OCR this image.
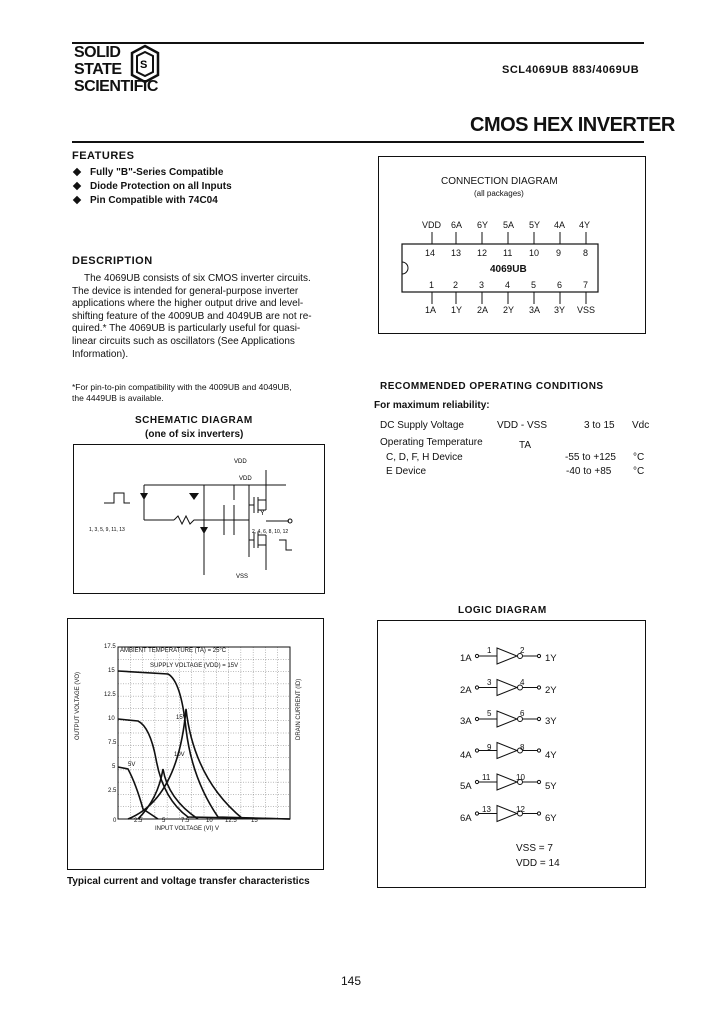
SOLID
STATE
SCIENTIFIC
S	SCL4069UB 883/4069UB
CMOS HEX INVERTER
FEATURES
Fully "B"-Series Compatible
Diode Protection on all Inputs
Pin Compatible with 74C04
DESCRIPTION

The 4069UB consists of six CMOS inverter circuits.

The device is intended for general-purpose inverter

applications where the higher output drive and level-

shifting feature of the 4009UB and 4049UB are not re-

quired.* The 4069UB is particularly useful for quasi-

linear circuits such as oscillators (See Applications

Information).

*For pin-to-pin compatibility with the 4009UB and 4049UB,
the 4449UB is available.
SCHEMATIC DIAGRAM
(one of six inverters)
VDD
VDD
VSS
Y
1, 3, 5, 9, 11, 13	2, 4, 6, 8, 10, 12
CONNECTION DIAGRAM
(all packages)
VDD 6A 6Y 5A 5Y 4A 4Y
14 13 12 11 10 9 8
4069UB
1 2 3 4 5 6 7
1A 1Y 2A 2Y 3A 3Y VSS
RECOMMENDED OPERATING CONDITIONS
For maximum reliability:
DC Supply Voltage	VDD - VSS	3 to 15 Vdc
Operating Temperature	TA
C, D, F, H Device	-55 to +125 °C
E Device	-40 to +85 °C
LOGIC DIAGRAM
1A
1	2
1Y
2A
3	4
2Y
3A
5	6
3Y
4A
9	8
4Y
5A
11	10
5Y
6A
13	12
6Y
VSS = 7
VDD = 14
AMBIENT TEMPERATURE (TA) = 25°C
SUPPLY VOLTAGE (VDD) = 15V
15V
10V
5V
INPUT VOLTAGE (VI) V
OUTPUT VOLTAGE (VO)	DRAIN CURRENT (ID)
0	2.5	5	7.5	10 12.5 15
17.5
15
12.5
10
7.5
5
2.5
Typical current and voltage transfer characteristics
145
